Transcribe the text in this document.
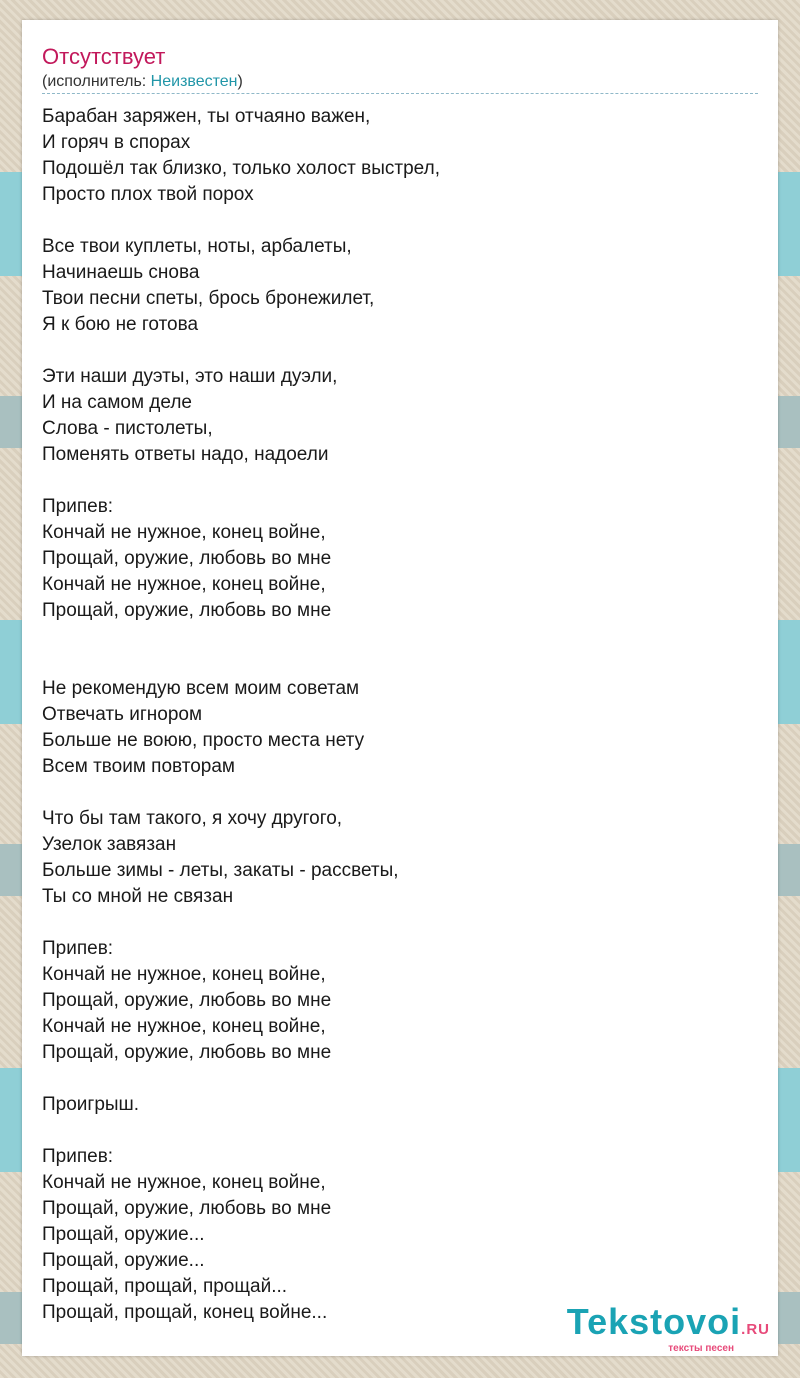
Отсутствует
(исполнитель: Неизвестен)
Барабан заряжен, ты отчаяно важен,
И горяч в спорах
Подошёл так близко, только холост выстрел,
Просто плох твой порох
Все твои куплеты, ноты, арбалеты,
Начинаешь снова
Твои песни спеты, брось бронежилет,
Я к бою не готова
Эти наши дуэты, это наши дуэли,
И на самом деле
Слова - пистолеты,
Поменять ответы надо, надоели
Припев:
Кончай не нужное, конец войне,
Прощай, оружие, любовь во мне
Кончай не нужное, конец войне,
Прощай, оружие, любовь во мне
Не рекомендую всем моим советам
Отвечать игнором
Больше не воюю, просто места нету
Всем твоим повторам
Что бы там такого, я хочу другого,
Узелок завязан
Больше зимы - леты, закаты - рассветы,
Ты со мной не связан
Припев:
Кончай не нужное, конец войне,
Прощай, оружие, любовь во мне
Кончай не нужное, конец войне,
Прощай, оружие, любовь во мне
Проигрыш.
Припев:
Кончай не нужное, конец войне,
Прощай, оружие, любовь во мне
Прощай, оружие...
Прощай, оружие...
Прощай, прощай, прощай...
Прощай, прощай, конец войне...	Tekstovoi.RU
тексты песен
